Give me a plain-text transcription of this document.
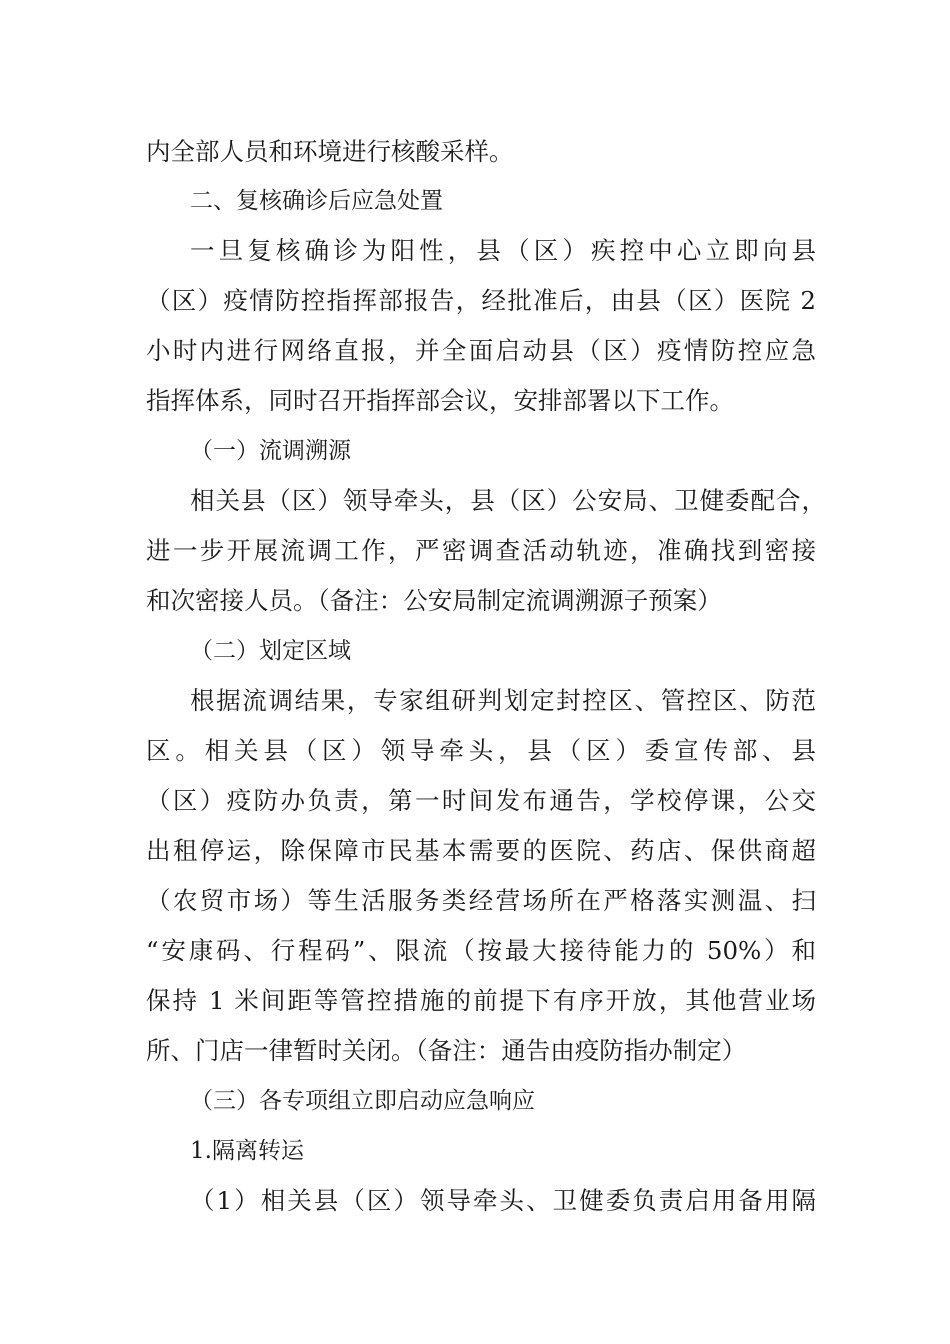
内全部人员和环境进行核酸采样。
二、复核确诊后应急处置
一旦复核确诊为阳性，县（区）疾控中心立即向县
（区）疫情防控指挥部报告，经批准后，由县（区）医院 2
小时内进行网络直报，并全面启动县（区）疫情防控应急
指挥体系，同时召开指挥部会议，安排部署以下工作。
（一）流调溯源
相关县（区）领导牵头，县（区）公安局、卫健委配合，
进一步开展流调工作，严密调查活动轨迹，准确找到密接
和次密接人员。（备注：公安局制定流调溯源子预案）
（二）划定区域
根据流调结果，专家组研判划定封控区、管控区、防范
区。相关县（区）领导牵头，县（区）委宣传部、县
（区）疫防办负责，第一时间发布通告，学校停课，公交
出租停运，除保障市民基本需要的医院、药店、保供商超
（农贸市场）等生活服务类经营场所在严格落实测温、扫
“安康码、行程码”、限流（按最大接待能力的 50%）和
保持 1 米间距等管控措施的前提下有序开放，其他营业场
所、门店一律暂时关闭。（备注：通告由疫防指办制定）
（三）各专项组立即启动应急响应
1.隔离转运
（1）相关县（区）领导牵头、卫健委负责启用备用隔
